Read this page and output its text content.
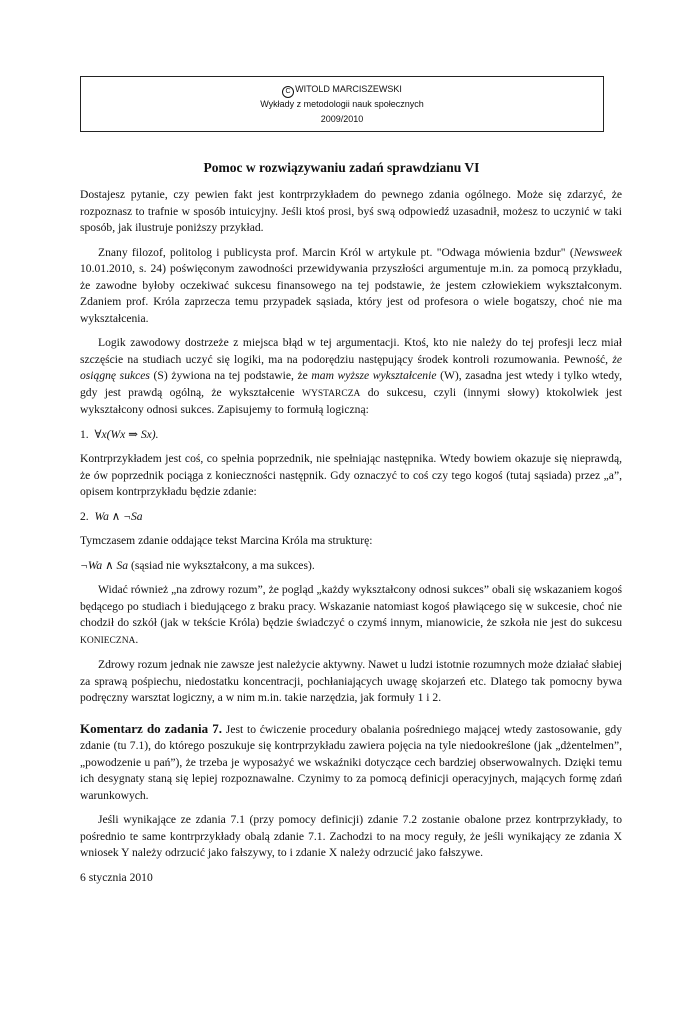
C WITOLD MARCISZEWSKI
Wykłady z metodologii nauk społecznych
2009/2010
Pomoc w rozwiązywaniu zadań sprawdzianu VI

Dostajesz pytanie, czy pewien fakt jest kontrprzykładem do pewnego zdania ogólnego. Może się zdarzyć, że rozpoznasz to trafnie w sposób intuicyjny. Jeśli ktoś prosi, byś swą odpowiedź uzasadnił, możesz to uczynić w taki sposób, jak ilustruje poniższy przykład.

Znany filozof, politolog i publicysta prof. Marcin Król w artykule pt. "Odwaga mówienia bzdur" (Newsweek 10.01.2010, s. 24) poświęconym zawodności przewidywania przyszłości argumentuje m.in. za pomocą przykładu, że zawodne byłoby oczekiwać sukcesu finansowego na tej podstawie, że jestem człowiekiem wykształconym. Zdaniem prof. Króla zaprzecza temu przypadek sąsiada, który jest od profesora o wiele bogatszy, choć nie ma wykształcenia.

Logik zawodowy dostrzeże z miejsca błąd w tej argumentacji. Ktoś, kto nie należy do tej profesji lecz miał szczęście na studiach uczyć się logiki, ma na podorędziu następujący środek kontroli rozumowania. Pewność, że osiągnę sukces (S) żywiona na tej podstawie, że mam wyższe wykształcenie (W), zasadna jest wtedy i tylko wtedy, gdy jest prawdą ogólną, że wykształcenie WYSTARCZA do sukcesu, czyli (innymi słowy) ktokolwiek jest wykształcony odnosi sukces. Zapisujemy to formułą logiczną:

1. ∀x(Wx ⇒ Sx).

Kontrprzykładem jest coś, co spełnia poprzednik, nie spełniając następnika. Wtedy bowiem okazuje się nieprawdą, że ów poprzednik pociąga z konieczności następnik. Gdy oznaczyć to coś czy tego kogoś (tutaj sąsiada) przez „a”, opisem kontrprzykładu będzie zdanie:

2. Wa ∧ ¬Sa

Tymczasem zdanie oddające tekst Marcina Króla ma strukturę:

¬Wa ∧ Sa (sąsiad nie wykształcony, a ma sukces).

Widać również „na zdrowy rozum”, że pogląd „każdy wykształcony odnosi sukces” obali się wskazaniem kogoś będącego po studiach i biedującego z braku pracy. Wskazanie natomiast kogoś pławiącego się w sukcesie, choć nie chodził do szkół (jak w tekście Króla) będzie świadczyć o czymś innym, mianowicie, że szkoła nie jest do sukcesu KONIECZNA.

Zdrowy rozum jednak nie zawsze jest należycie aktywny. Nawet u ludzi istotnie rozumnych może działać słabiej za sprawą pośpiechu, niedostatku koncentracji, pochłaniających uwagę skojarzeń etc. Dlatego tak pomocny bywa podręczny warsztat logiczny, a w nim m.in. takie narzędzia, jak formuły 1 i 2.

Komentarz do zadania 7. Jest to ćwiczenie procedury obalania pośredniego mającej wtedy zastosowanie, gdy zdanie (tu 7.1), do którego poszukuje się kontrprzykładu zawiera pojęcia na tyle niedookreślone (jak „dżentelmen”, „powodzenie u pań”), że trzeba je wyposażyć we wskaźniki dotyczące cech bardziej obserwowalnych. Dzięki temu ich desygnaty staną się lepiej rozpoznawalne. Czynimy to za pomocą definicji operacyjnych, mających formę zdań warunkowych.

Jeśli wynikające ze zdania 7.1 (przy pomocy definicji) zdanie 7.2 zostanie obalone przez kontrprzykłady, to pośrednio te same kontrprzykłady obalą zdanie 7.1. Zachodzi to na mocy reguły, że jeśli wynikający ze zdania X wniosek Y należy odrzucić jako fałszywy, to i zdanie X należy odrzucić jako fałszywe.

6 stycznia 2010
